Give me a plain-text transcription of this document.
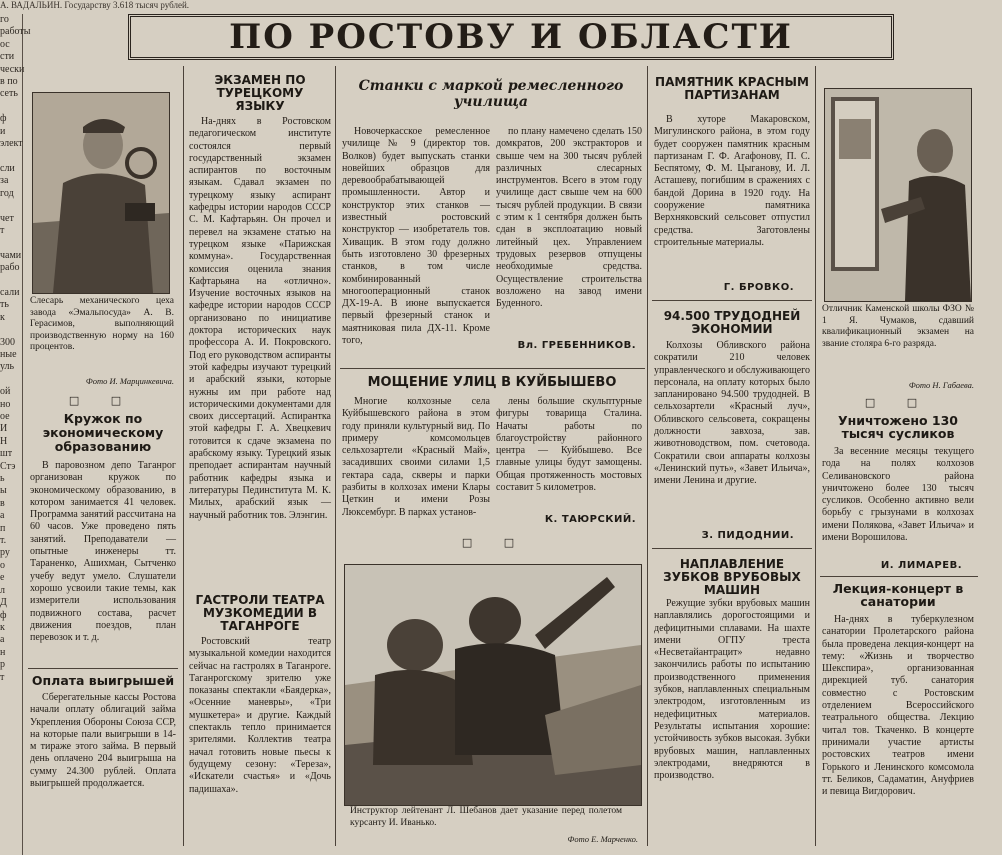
А. ВАДАЛЬИН. Государству 3.618 тысяч рублей.
го
работы
ос
сти
чески
в по
сеть

ф
и
элект

сли
за
год

чет
т

чами
рабо

сали
ть
к

300
ные
уль

ой
но
ое
И
Н
шт
Стэ
ь
ы
в
а
п
т.
ру
о
е
л
Д
ф
к
а
н
р
т
ПО РОСТОВУ И ОБЛАСТИ
Слесарь механического цеха завода «Эмальпосуда» А. В. Герасимов, выполняющий производственную норму на 160 процентов.
Фото И. Марцинкевича.
□ □
Кружок по экономическому образованию

В паровозном депо Таганрог организован кружок по экономическому образованию, в котором занимается 41 человек. Программа занятий рассчитана на 60 часов. Уже проведено пять занятий. Преподаватели — опытные инженеры тт. Тараненко, Ашихман, Сытченко учебу ведут умело. Слушатели хорошо усвоили такие темы, как измерители использования подвижного состава, расчет движения поездов, план перевозок и т. д.

Оплата выигрышей

Сберегательные кассы Ростова начали оплату облигаций займа Укрепления Обороны Союза ССР, на которые пали выигрыши в 14-м тираже этого займа. В первый день оплачено 204 выигрыша на сумму 24.300 рублей. Оплата выигрышей продолжается.

ЭКЗАМЕН ПО ТУРЕЦКОМУ ЯЗЫКУ

На-днях в Ростовском педагогическом институте состоялся первый государственный экзамен аспирантов по восточным языкам. Сдавал экзамен по турецкому языку аспирант кафедры истории народов СССР С. М. Кафтарьян. Он прочел и перевел на экзамене статью на турецком языке «Парижская коммуна». Государственная комиссия оценила знания Кафтарьяна на «отлично». Изучение восточных языков на кафедре истории народов СССР организовано по инициативе доктора исторических наук профессора А. И. Покровского. Под его руководством аспиранты этой кафедры изучают турецкий и арабский языки, которые нужны им при работе над историческими документами для своих диссертаций. Аспирантка этой кафедры Г. А. Хвецкевич готовится к сдаче экзамена по арабскому языку. Турецкий язык преподает аспирантам научный работник кафедры языка и литературы Пединститута М. К. Милых, арабский язык — научный работник тов. Элэнгин.

ГАСТРОЛИ ТЕАТРА МУЗКОМЕДИИ В ТАГАНРОГЕ

Ростовский театр музыкальной комедии находится сейчас на гастролях в Таганроге. Таганрогскому зрителю уже показаны спектакли «Баядерка», «Осенние маневры», «Три мушкетера» и другие. Каждый спектакль тепло принимается зрителями. Коллектив театра начал готовить новые пьесы к будущему сезону: «Тереза», «Искатели счастья» и «Дочь падишаха».

Станки с маркой ремесленного училища

Новочеркасское ремесленное училище № 9 (директор тов. Волков) будет выпускать станки новейших образцов для деревообрабатывающей промышленности. Автор и конструктор этих станков — известный ростовский конструктор — изобретатель тов. Хиващик. В этом году должно быть изготовлено 30 фрезерных станков, в том числе комбинированный многооперационный станок ДХ-19-А. В июне выпускается первый фрезерный станок и маятниковая пила ДХ-11. Кроме того,

по плану намечено сделать 150 домкратов, 200 экстракторов и свыше чем на 300 тысяч рублей различных слесарных инструментов. Всего в этом году училище даст свыше чем на 600 тысяч рублей продукции. В связи с этим к 1 сентября должен быть сдан в эксплоатацию новый литейный цех. Управлением трудовых резервов отпущены необходимые средства. Осуществление строительства возложено на завод имени Буденного.

Вл. ГРЕБЕННИКОВ.
МОЩЕНИЕ УЛИЦ В КУЙБЫШЕВО

Многие колхозные села Куйбышевского района в этом году приняли культурный вид. По примеру комсомольцев сельхозартели «Красный Май», засадивших своими силами 1,5 гектара сада, скверы и парки разбиты в колхозах имени Клары Цеткин и имени Розы Люксембург. В парках установ-

лены большие скульптурные фигуры товарища Сталина. Начаты работы по благоустройству районного центра — Куйбышево. Все главные улицы будут замощены. Общая протяженность мостовых составит 5 километров.

К. ТАЮРСКИЙ.
□ □
Инструктор лейтенант Л. Шебанов дает указание перед полетом курсанту И. Иванько.
Фото Е. Марченко.
ПАМЯТНИК КРАСНЫМ ПАРТИЗАНАМ

В хуторе Макаровском, Мигулинского района, в этом году будет сооружен памятник красным партизанам Г. Ф. Агафонову, П. С. Беспятому, Ф. М. Цыганову, И. Л. Асташеву, погибшим в сражениях с бандой Дорина в 1920 году. На сооружение памятника Верхняковский сельсовет отпустил средства. Заготовлены строительные материалы.

Г. БРОВКО.
94.500 ТРУДОДНЕЙ ЭКОНОМИИ

Колхозы Обливского района сократили 210 человек управленческого и обслуживающего персонала, на оплату которых было запланировано 94.500 трудодней. В сельхозартели «Красный луч», Обливского сельсовета, сокращены должности завхоза, зав. животноводством, пом. счетовода. Сократили свои аппараты колхозы «Ленинский путь», «Завет Ильича», имени Ленина и другие.

З. ПИДОДНИИ.
НАПЛАВЛЕНИЕ ЗУБКОВ ВРУБОВЫХ МАШИН

Режущие зубки врубовых машин наплавлялись дорогостоящими и дефицитными сплавами. На шахте имени ОГПУ треста «Несветайантрацит» недавно закончились работы по испытанию производственного применения зубков, наплавленных специальным электродом, изготовленным из недефицитных материалов. Результаты испытания хорошие: устойчивость зубков высокая. Зубки врубовых машин, наплавленных электродами, внедряются в производство.

Отличник Каменской школы ФЗО № 1 Я. Чумаков, сдавший квалификационный экзамен на звание столяра 6-го разряда.
Фото Н. Габаева.
□ □
Уничтожено 130 тысяч сусликов

За весенние месяцы текущего года на полях колхозов Селивановского района уничтожено более 130 тысяч сусликов. Особенно активно вели борьбу с грызунами в колхозах имени Полякова, «Завет Ильича» и имени Ворошилова.

И. ЛИМАРЕВ.
Лекция-концерт в санатории

На-днях в туберкулезном санатории Пролетарского района была проведена лекция-концерт на тему: «Жизнь и творчество Шекспира», организованная дирекцией туб. санатория совместно с Ростовским отделением Всероссийского театрального общества. Лекцию читал тов. Ткаченко. В концерте принимали участие артисты ростовских театров имени Горького и Ленинского комсомола тт. Беликов, Садаматин, Ануфриев и певица Вигдорович.
